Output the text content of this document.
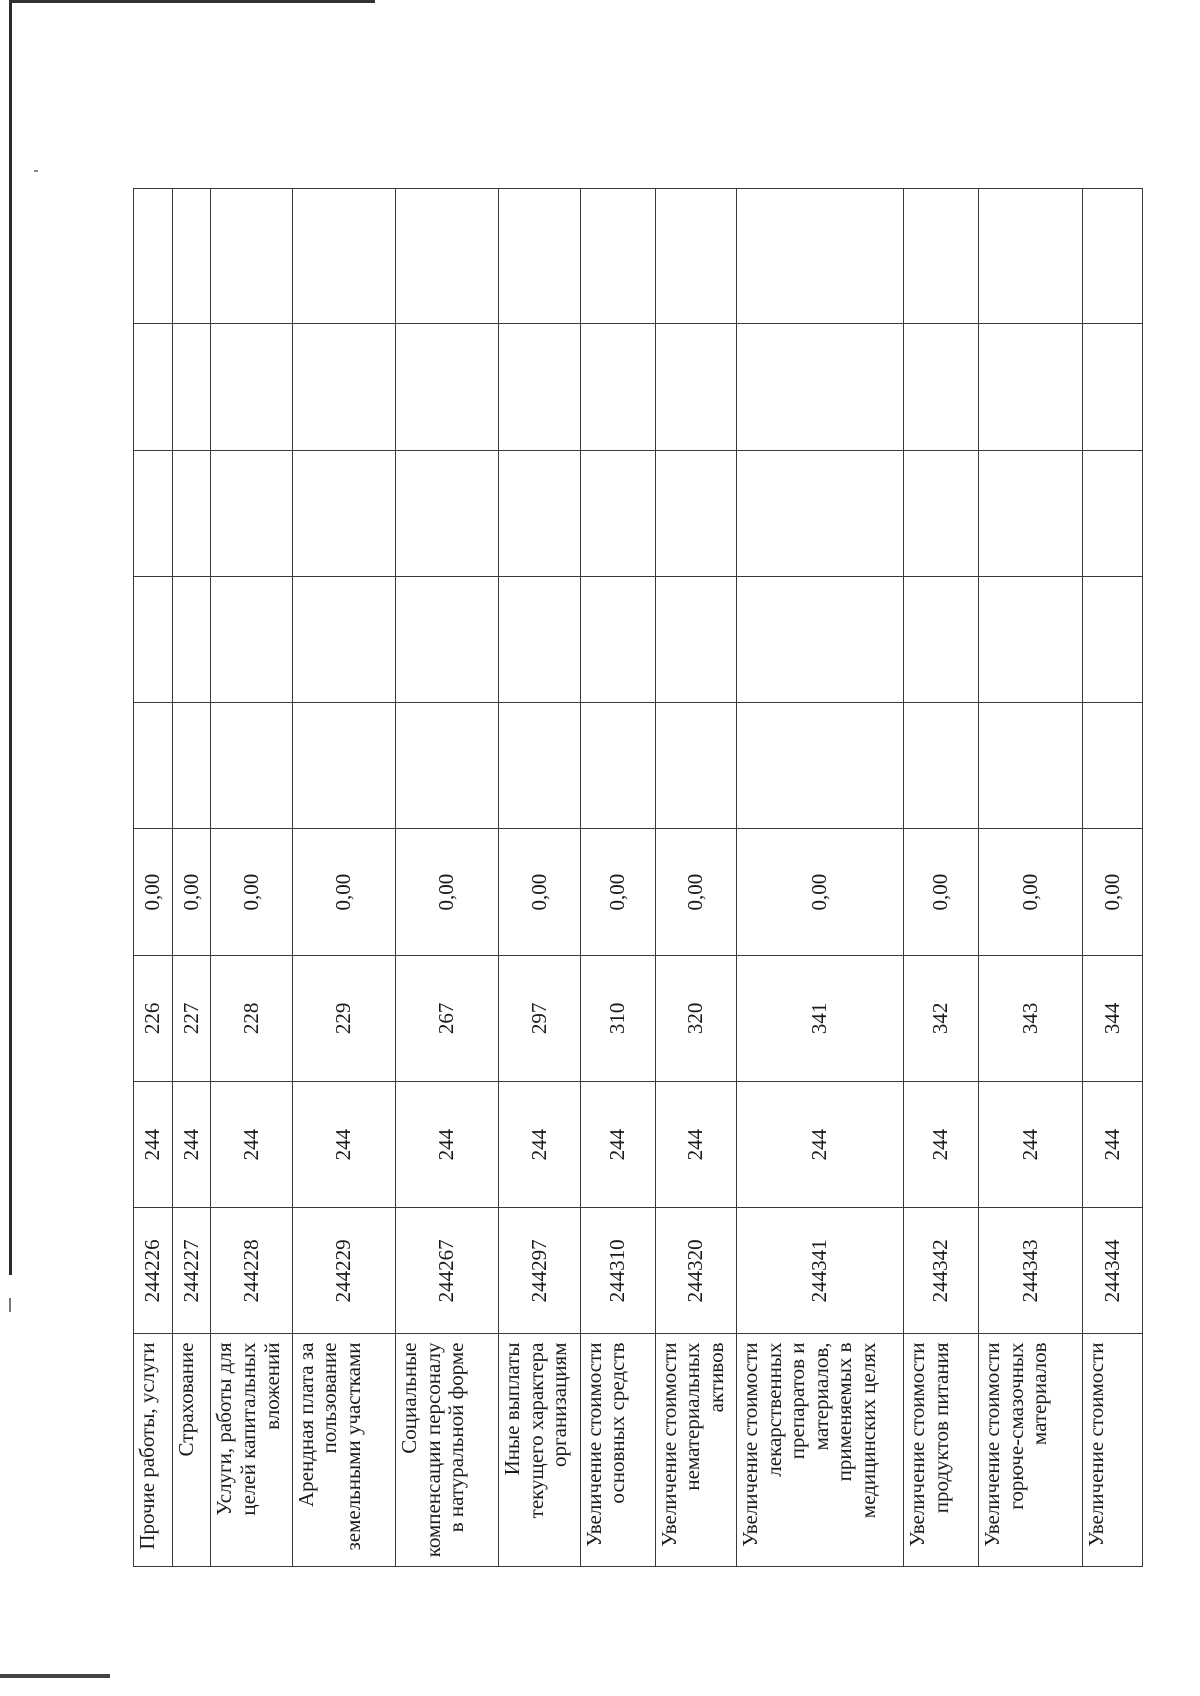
Прочие работы, услуги	244226	244	226	0,00					
Страхование	244227	244	227	0,00					
Услуги, работы для целей капитальных вложений	244228	244	228	0,00					
Арендная плата за пользование земельными участками	244229	244	229	0,00					
Социальные компенсации персоналу в натуральной форме	244267	244	267	0,00					
Иные выплаты текущего характера организациям	244297	244	297	0,00					
Увеличение стоимости основных средств	244310	244	310	0,00					
Увеличение стоимости нематериальных активов	244320	244	320	0,00					
Увеличение стоимости лекарственных препаратов и материалов, применяемых в медицинских целях	244341	244	341	0,00					
Увеличение стоимости продуктов питания	244342	244	342	0,00					
Увеличение стоимости горюче-смазочных материалов	244343	244	343	0,00					
Увеличение стоимости	244344	244	344	0,00					
